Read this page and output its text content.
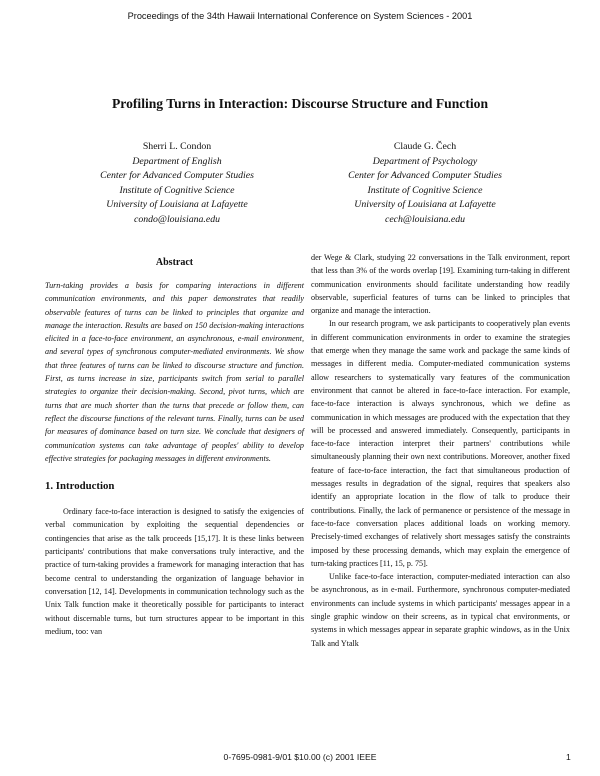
Proceedings of the 34th Hawaii International Conference on System Sciences - 2001
Profiling Turns in Interaction: Discourse Structure and Function
Sherri L. Condon
Department of English
Center for Advanced Computer Studies
Institute of Cognitive Science
University of Louisiana at Lafayette
condo@louisiana.edu
Claude G. Čech
Department of Psychology
Center for Advanced Computer Studies
Institute of Cognitive Science
University of Louisiana at Lafayette
cech@louisiana.edu
Abstract

Turn-taking provides a basis for comparing interactions in different communication environments, and this paper demonstrates that readily observable features of turns can be linked to principles that organize and manage the interaction. Results are based on 150 decision-making interactions elicited in a face-to-face environment, an asynchronous, e-mail environment, and several types of synchronous computer-mediated environments. We show that three features of turns can be linked to discourse structure and function. First, as turns increase in size, participants switch from serial to parallel strategies to organize their decision-making. Second, pivot turns, which are turns that are much shorter than the turns that precede or follow them, can reflect the discourse functions of the relevant turns. Finally, turns can be used for measures of dominance based on turn size. We conclude that designers of communication systems can take advantage of peoples' ability to develop effective strategies for packaging messages in different environments.

1. Introduction

Ordinary face-to-face interaction is designed to satisfy the exigencies of verbal communication by exploiting the sequential dependencies or contingencies that arise as the talk proceeds [15,17]. It is these links between participants' contributions that make conversations truly interactive, and the practice of turn-taking provides a framework for managing interaction that has become central to understanding the organization of language behavior in conversation [12, 14]. Developments in communication technology such as the Unix Talk function make it theoretically possible for participants to interact without discernable turns, but turn structures appear to be important in this medium, too: van

der Wege & Clark, studying 22 conversations in the Talk environment, report that less than 3% of the words overlap [19]. Examining turn-taking in different communication environments should facilitate understanding how readily observable, superficial features of turns can be linked to principles that organize and manage the interaction.

In our research program, we ask participants to cooperatively plan events in different communication environments in order to examine the strategies that emerge when they manage the same work and package the same kinds of messages in different media. Computer-mediated communication systems allow researchers to systematically vary features of the communication environment that cannot be altered in face-to-face interaction. For example, face-to-face interaction is always synchronous, which we define as communication in which messages are produced with the expectation that they will be processed and answered immediately. Consequently, participants in face-to-face interaction interpret their partners' contributions while simultaneously planning their own next contributions. Moreover, another fixed feature of face-to-face interaction, the fact that simultaneous production of messages results in degradation of the signal, requires that speakers also identify an appropriate location in the flow of talk to produce their contributions. Finally, the lack of permanence or persistence of the message in face-to-face conversation places additional loads on working memory. Precisely-timed exchanges of relatively short messages satisfy the constraints imposed by these processing demands, which may explain the emergence of turn-taking practices [11, 15, p. 75].

Unlike face-to-face interaction, computer-mediated interaction can also be asynchronous, as in e-mail. Furthermore, synchronous computer-mediated environments can include systems in which participants' messages appear in a single graphic window on their screens, as in typical chat environments, or systems in which messages appear in separate graphic windows, as in the Unix Talk and Ytalk

0-7695-0981-9/01 $10.00 (c) 2001 IEEE	1
